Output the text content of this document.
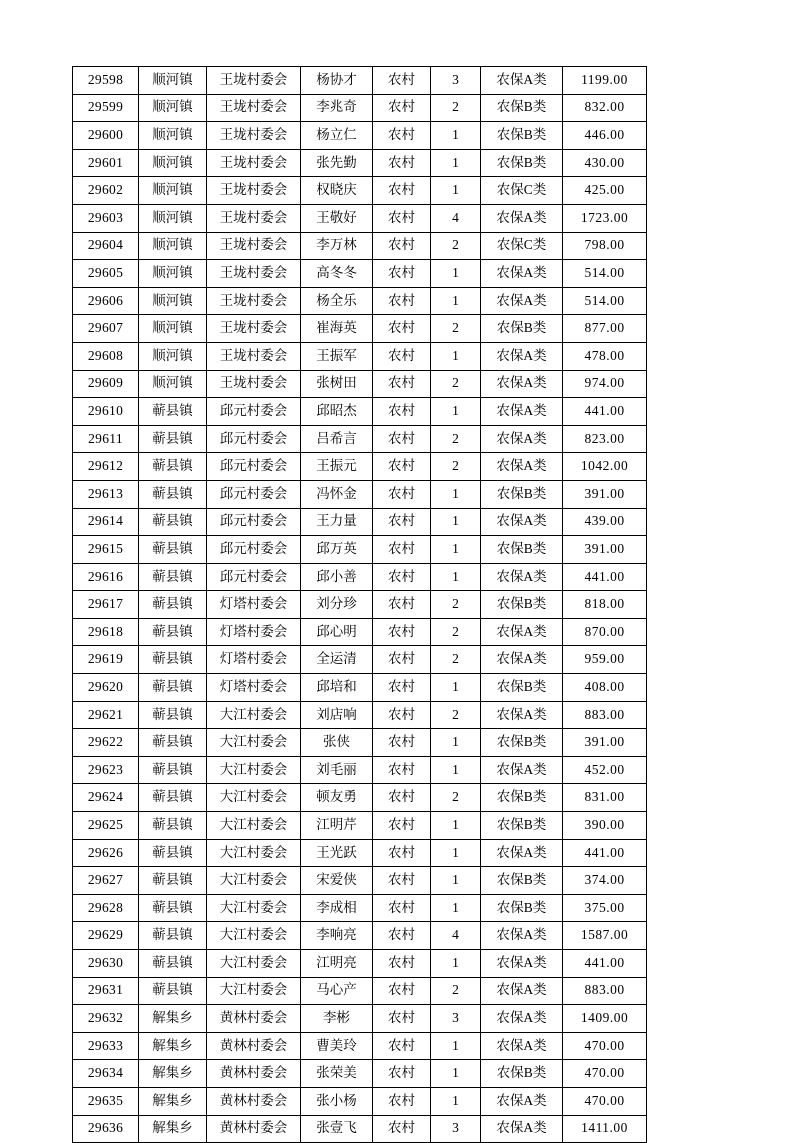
29598	顺河镇	王垅村委会	杨协才	农村	3	农保A类	1199.00
29599	顺河镇	王垅村委会	李兆奇	农村	2	农保B类	832.00
29600	顺河镇	王垅村委会	杨立仁	农村	1	农保B类	446.00
29601	顺河镇	王垅村委会	张先勤	农村	1	农保B类	430.00
29602	顺河镇	王垅村委会	权晓庆	农村	1	农保C类	425.00
29603	顺河镇	王垅村委会	王敬好	农村	4	农保A类	1723.00
29604	顺河镇	王垅村委会	李万林	农村	2	农保C类	798.00
29605	顺河镇	王垅村委会	高冬冬	农村	1	农保A类	514.00
29606	顺河镇	王垅村委会	杨全乐	农村	1	农保A类	514.00
29607	顺河镇	王垅村委会	崔海英	农村	2	农保B类	877.00
29608	顺河镇	王垅村委会	王振军	农村	1	农保A类	478.00
29609	顺河镇	王垅村委会	张树田	农村	2	农保A类	974.00
29610	蕲县镇	邱元村委会	邱昭杰	农村	1	农保A类	441.00
29611	蕲县镇	邱元村委会	吕希言	农村	2	农保A类	823.00
29612	蕲县镇	邱元村委会	王振元	农村	2	农保A类	1042.00
29613	蕲县镇	邱元村委会	冯怀金	农村	1	农保B类	391.00
29614	蕲县镇	邱元村委会	王力量	农村	1	农保A类	439.00
29615	蕲县镇	邱元村委会	邱万英	农村	1	农保B类	391.00
29616	蕲县镇	邱元村委会	邱小善	农村	1	农保A类	441.00
29617	蕲县镇	灯塔村委会	刘分珍	农村	2	农保B类	818.00
29618	蕲县镇	灯塔村委会	邱心明	农村	2	农保A类	870.00
29619	蕲县镇	灯塔村委会	全运清	农村	2	农保A类	959.00
29620	蕲县镇	灯塔村委会	邱培和	农村	1	农保B类	408.00
29621	蕲县镇	大江村委会	刘店响	农村	2	农保A类	883.00
29622	蕲县镇	大江村委会	张侠	农村	1	农保B类	391.00
29623	蕲县镇	大江村委会	刘毛丽	农村	1	农保A类	452.00
29624	蕲县镇	大江村委会	顿友勇	农村	2	农保B类	831.00
29625	蕲县镇	大江村委会	江明芹	农村	1	农保B类	390.00
29626	蕲县镇	大江村委会	王光跃	农村	1	农保A类	441.00
29627	蕲县镇	大江村委会	宋爱侠	农村	1	农保B类	374.00
29628	蕲县镇	大江村委会	李成相	农村	1	农保B类	375.00
29629	蕲县镇	大江村委会	李响亮	农村	4	农保A类	1587.00
29630	蕲县镇	大江村委会	江明亮	农村	1	农保A类	441.00
29631	蕲县镇	大江村委会	马心产	农村	2	农保A类	883.00
29632	解集乡	黄林村委会	李彬	农村	3	农保A类	1409.00
29633	解集乡	黄林村委会	曹美玲	农村	1	农保A类	470.00
29634	解集乡	黄林村委会	张荣美	农村	1	农保B类	470.00
29635	解集乡	黄林村委会	张小杨	农村	1	农保A类	470.00
29636	解集乡	黄林村委会	张壹飞	农村	3	农保A类	1411.00
